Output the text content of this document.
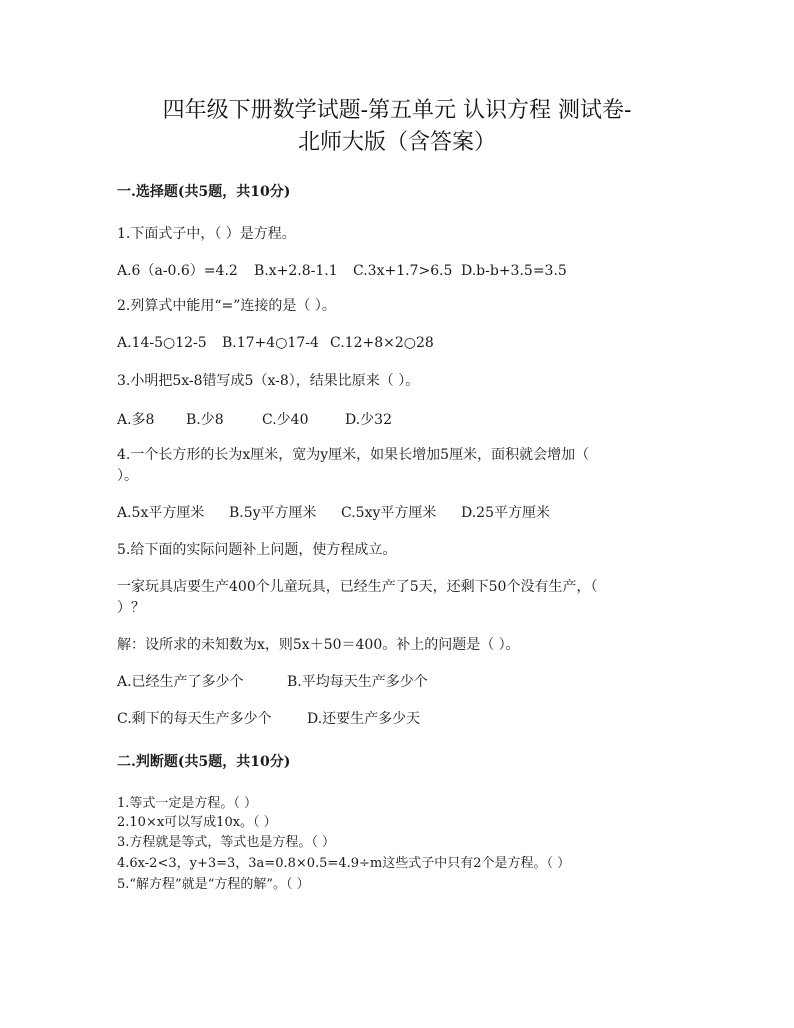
四年级下册数学试题-第五单元 认识方程 测试卷-
北师大版（含答案）
一.选择题(共5题，共10分)
1.下面式子中，（ ）是方程。
A.6（a-0.6）=4.2 B.x+2.8-1.1 C.3x+1.7>6.5 D.b-b+3.5=3.5
2.列算式中能用“=”连接的是（ ）。
A.14-5○12-5 B.17+4○17-4 C.12+8×2○28
3.小明把5x-8错写成5（x-8），结果比原来（ ）。
A.多8 B.少8	C.少40	D.少32
4.一个长方形的长为x厘米，宽为y厘米，如果长增加5厘米，面积就会增加（
）。
A.5x平方厘米 B.5y平方厘米 C.5xy平方厘米 D.25平方厘米
5.给下面的实际问题补上问题，使方程成立。
一家玩具店要生产400个儿童玩具，已经生产了5天，还剩下50个没有生产，（
）？
解：设所求的未知数为x，则5x＋50＝400。补上的问题是（ ）。
A.已经生产了多少个	B.平均每天生产多少个
C.剩下的每天生产多少个	D.还要生产多少天
二.判断题(共5题，共10分)
1.等式一定是方程。（ ）
2.10×x可以写成10x。（ ）
3.方程就是等式，等式也是方程。（ ）
4.6x-2<3，y+3=3，3a=0.8×0.5=4.9÷m这些式子中只有2个是方程。（ ）
5.“解方程”就是“方程的解”。（ ）
